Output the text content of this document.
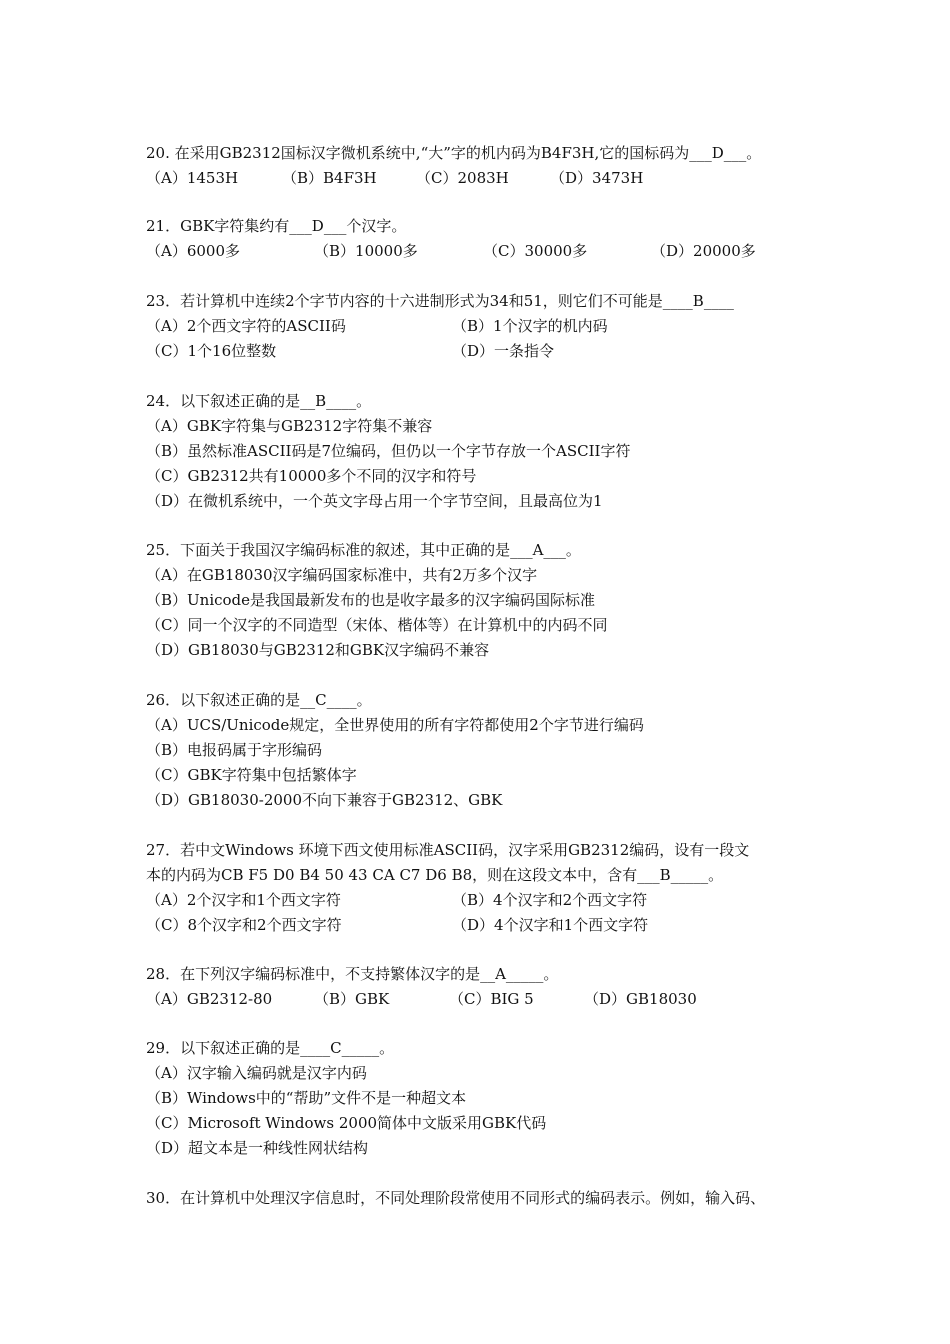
20. 在采用GB2312国标汉字微机系统中,“大”字的机内码为B4F3H,它的国标码为___D___。
（A）1453H	（B）B4F3H	（C）2083H	（D）3473H
21．GBK字符集约有___D___个汉字。
（A）6000多	（B）10000多	（C）30000多	（D）20000多
23．若计算机中连续2个字节内容的十六进制形式为34和51，则它们不可能是____B____
（A）2个西文字符的ASCII码	（B）1个汉字的机内码
（C）1个16位整数	（D）一条指令
24．以下叙述正确的是__B____。
（A）GBK字符集与GB2312字符集不兼容
（B）虽然标准ASCII码是7位编码，但仍以一个字节存放一个ASCII字符
（C）GB2312共有10000多个不同的汉字和符号
（D）在微机系统中，一个英文字母占用一个字节空间，且最高位为1
25．下面关于我国汉字编码标准的叙述，其中正确的是___A___。
（A）在GB18030汉字编码国家标准中，共有2万多个汉字
（B）Unicode是我国最新发布的也是收字最多的汉字编码国际标准
（C）同一个汉字的不同造型（宋体、楷体等）在计算机中的内码不同
（D）GB18030与GB2312和GBK汉字编码不兼容
26．以下叙述正确的是__C____。
（A）UCS/Unicode规定，全世界使用的所有字符都使用2个字节进行编码
（B）电报码属于字形编码
（C）GBK字符集中包括繁体字
（D）GB18030-2000不向下兼容于GB2312、GBK
27．若中文Windows 环境下西文使用标准ASCII码，汉字采用GB2312编码，设有一段文
本的内码为CB F5 D0 B4 50 43 CA C7 D6 B8，则在这段文本中，含有___B_____。
（A）2个汉字和1个西文字符	（B）4个汉字和2个西文字符
（C）8个汉字和2个西文字符	（D）4个汉字和1个西文字符
28．在下列汉字编码标准中，不支持繁体汉字的是__A_____。
（A）GB2312-80	（B）GBK	（C）BIG 5	（D）GB18030
29．以下叙述正确的是____C_____。
（A）汉字输入编码就是汉字内码
（B）Windows中的“帮助”文件不是一种超文本
（C）Microsoft Windows 2000简体中文版采用GBK代码
（D）超文本是一种线性网状结构
30．在计算机中处理汉字信息时，不同处理阶段常使用不同形式的编码表示。例如，输入码、
